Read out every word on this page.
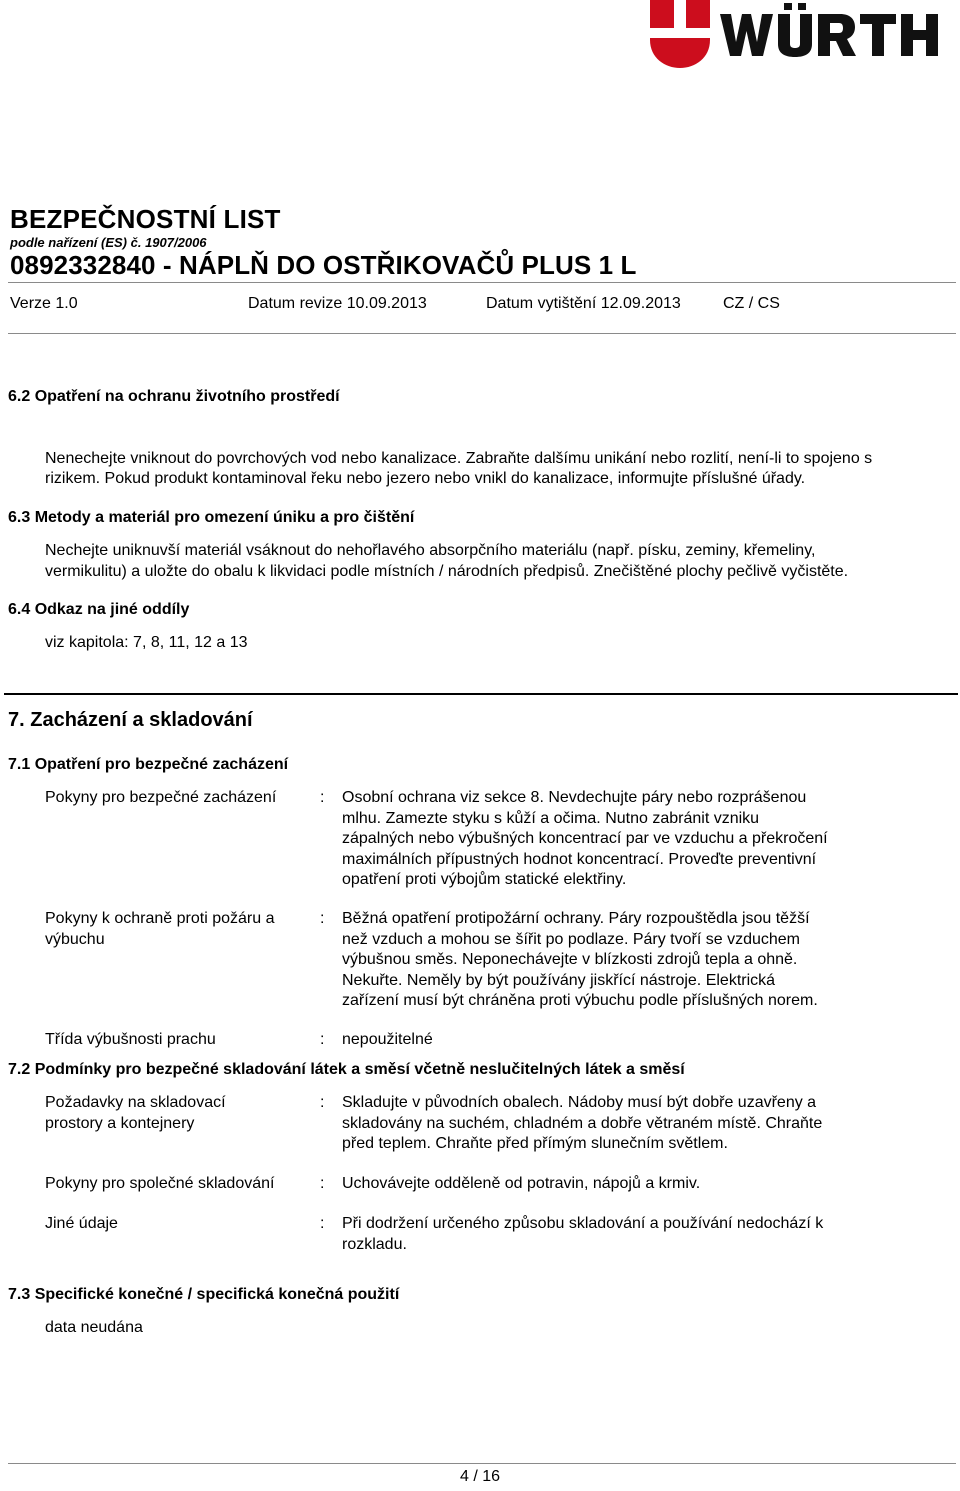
BEZPEČNOSTNÍ LIST
podle nařízení (ES) č. 1907/2006
0892332840 - NÁPLŇ DO OSTŘIKOVAČŮ PLUS 1 L
Verze 1.0	Datum revize 10.09.2013	Datum vytištění 12.09.2013	CZ / CS
6.2 Opatření na ochranu životního prostředí
Nenechejte vniknout do povrchových vod nebo kanalizace. Zabraňte dalšímu unikání nebo rozlití, není-li to spojeno s
rizikem. Pokud produkt kontaminoval řeku nebo jezero nebo vnikl do kanalizace, informujte příslušné úřady.
6.3 Metody a materiál pro omezení úniku a pro čištění
Nechejte uniknuvší materiál vsáknout do nehořlavého absorpčního materiálu (např. písku, zeminy, křemeliny,
vermikulitu) a uložte do obalu k likvidaci podle místních / národních předpisů. Znečištěné plochy pečlivě vyčistěte.
6.4 Odkaz na jiné oddíly
viz kapitola: 7, 8, 11, 12 a 13
7. Zacházení a skladování
7.1 Opatření pro bezpečné zacházení
Pokyny pro bezpečné zacházení	: Osobní ochrana viz sekce 8. Nevdechujte páry nebo rozprášenou
mlhu. Zamezte styku s kůží a očima. Nutno zabránit vzniku
zápalných nebo výbušných koncentrací par ve vzduchu a překročení
maximálních přípustných hodnot koncentrací. Proveďte preventivní
opatření proti výbojům statické elektřiny.
Pokyny k ochraně proti požáru a
výbuchu
: Běžná opatření protipožární ochrany. Páry rozpouštědla jsou těžší
než vzduch a mohou se šířit po podlaze. Páry tvoří se vzduchem
výbušnou směs. Neponechávejte v blízkosti zdrojů tepla a ohně.
Nekuřte. Neměly by být používány jiskřící nástroje. Elektrická
zařízení musí být chráněna proti výbuchu podle příslušných norem.
Třída výbušnosti prachu	: nepoužitelné
7.2 Podmínky pro bezpečné skladování látek a směsí včetně neslučitelných látek a směsí
Požadavky na skladovací
prostory a kontejnery
: Skladujte v původních obalech. Nádoby musí být dobře uzavřeny a
skladovány na suchém, chladném a dobře větraném místě. Chraňte
před teplem. Chraňte před přímým slunečním světlem.
Pokyny pro společné skladování	: Uchovávejte odděleně od potravin, nápojů a krmiv.
Jiné údaje	: Při dodržení určeného způsobu skladování a používání nedochází k
rozkladu.
7.3 Specifické konečné / specifická konečná použití
data neudána
4 / 16
